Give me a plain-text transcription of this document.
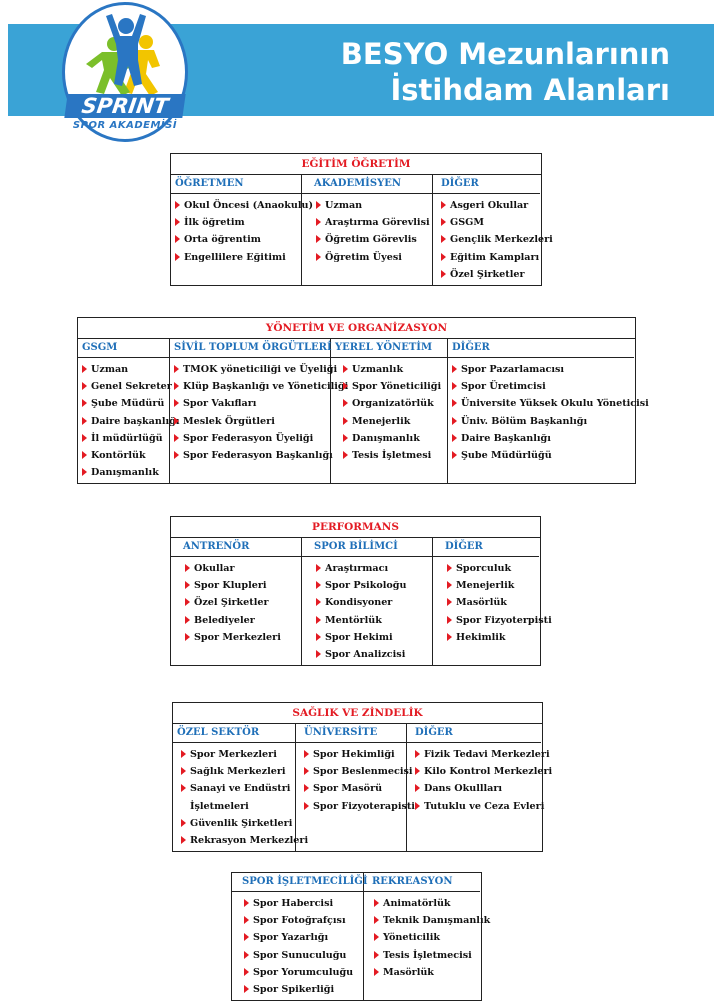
BESYO Mezunlarının
İstihdam Alanları
SPRINT
SPOR AKADEMİSİ
EĞİTİM ÖĞRETİM
ÖĞRETMEN
Okul Öncesi (Anaokulu)
İlk öğretim
Orta öğrentim
Engellilere Eğitimi
AKADEMİSYEN
Uzman
Araştırma Görevlisi
Öğretim Görevlis
Öğretim Üyesi
DİĞER
Asgeri Okullar
GSGM
Gençlik Merkezleri
Eğitim Kampları
Özel Şirketler
YÖNETİM VE ORGANİZASYON
GSGM
Uzman
Genel Sekreter
Şube Müdürü
Daire başkanlığı
İl müdürlüğü
Kontörlük
Danışmanlık
SİVİL TOPLUM ÖRGÜTLERİ
TMOK yöneticiliği ve Üyeliği
Klüp Başkanlığı ve Yöneticiliği
Spor Vakıfları
Meslek Örgütleri
Spor Federasyon Üyeliği
Spor Federasyon Başkanlığı
YEREL YÖNETİM
Uzmanlık
Spor Yöneticiliği
Organizatörlük
Menejerlik
Danışmanlık
Tesis İşletmesi
DİĞER
Spor Pazarlamacısı
Spor Üretimcisi
Üniversite Yüksek Okulu Yöneticisi
Üniv. Bölüm Başkanlığı
Daire Başkanlığı
Şube Müdürlüğü
PERFORMANS
ANTRENÖR
Okullar
Spor Klupleri
Özel Şirketler
Belediyeler
Spor Merkezleri
SPOR BİLİMCİ
Araştırmacı
Spor Psikoloğu
Kondisyoner
Mentörlük
Spor Hekimi
Spor Analizcisi
DİĞER
Sporculuk
Menejerlik
Masörlük
Spor Fizyoterpisti
Hekimlik
SAĞLIK VE ZİNDELİK
ÖZEL SEKTÖR
Spor Merkezleri
Sağlık Merkezleri
Sanayi ve Endüstri
İşletmeleri
Güvenlik Şirketleri
Rekrasyon Merkezleri
ÜNİVERSİTE
Spor Hekimliği
Spor Beslenmecisi
Spor Masörü
Spor Fizyoterapisti
DİĞER
Fizik Tedavi Merkezleri
Kilo Kontrol Merkezleri
Dans Okullları
Tutuklu ve Ceza Evleri
SPOR İŞLETMECİLİĞİ
Spor Habercisi
Spor Fotoğrafçısı
Spor Yazarlığı
Spor Sunuculuğu
Spor Yorumculuğu
Spor Spikerliği
REKREASYON
Animatörlük
Teknik Danışmanlık
Yöneticilik
Tesis İşletmecisi
Masörlük
